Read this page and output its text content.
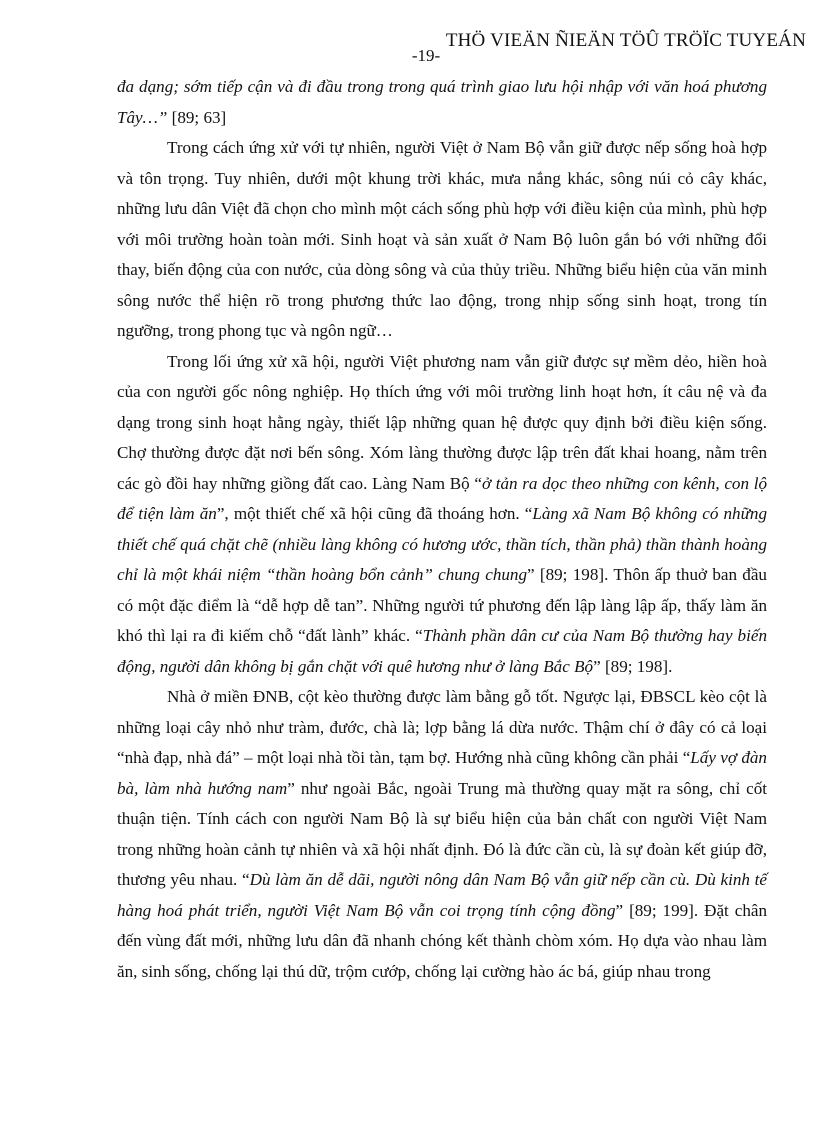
THÖ VIEÄN ÑIEÄN TÖÛ TRÖÏC TUYEÁN
-19-

đa dạng; sớm tiếp cận và đi đầu trong trong quá trình giao lưu hội nhập với văn hoá phương Tây…” [89; 63]

Trong cách ứng xử với tự nhiên, người Việt ở Nam Bộ vẫn giữ được nếp sống hoà hợp và tôn trọng. Tuy nhiên, dưới một khung trời khác, mưa nắng khác, sông núi cỏ cây khác, những lưu dân Việt đã chọn cho mình một cách sống phù hợp với điều kiện của mình, phù hợp với môi trường hoàn toàn mới. Sinh hoạt và sản xuất ở Nam Bộ luôn gắn bó với những đổi thay, biến động của con nước, của dòng sông và của thủy triều. Những biểu hiện của văn minh sông nước thể hiện rõ trong phương thức lao động, trong nhịp sống sinh hoạt, trong tín ngưỡng, trong phong tục và ngôn ngữ…

Trong lối ứng xử xã hội, người Việt phương nam vẫn giữ được sự mềm dẻo, hiền hoà của con người gốc nông nghiệp. Họ thích ứng với môi trường linh hoạt hơn, ít câu nệ và đa dạng trong sinh hoạt hằng ngày, thiết lập những quan hệ được quy định bởi điều kiện sống. Chợ thường được đặt nơi bến sông. Xóm làng thường được lập trên đất khai hoang, nằm trên các gò đồi hay những giồng đất cao. Làng Nam Bộ “ở tản ra dọc theo những con kênh, con lộ để tiện làm ăn”, một thiết chế xã hội cũng đã thoáng hơn. “Làng xã Nam Bộ không có những thiết chế quá chặt chẽ (nhiều làng không có hương ước, thần tích, thần phả) thần thành hoàng chỉ là một khái niệm “thần hoàng bổn cảnh” chung chung” [89; 198]. Thôn ấp thuở ban đầu có một đặc điểm là “dễ hợp dễ tan”. Những người tứ phương đến lập làng lập ấp, thấy làm ăn khó thì lại ra đi kiếm chỗ “đất lành” khác. “Thành phần dân cư của Nam Bộ thường hay biến động, người dân không bị gắn chặt với quê hương như ở làng Bắc Bộ” [89; 198].

Nhà ở miền ĐNB, cột kèo thường được làm bằng gỗ tốt. Ngược lại, ĐBSCL kèo cột là những loại cây nhỏ như tràm, đước, chà là; lợp bằng lá dừa nước. Thậm chí ở đây có cả loại “nhà đạp, nhà đá” – một loại nhà tồi tàn, tạm bợ. Hướng nhà cũng không cần phải “Lấy vợ đàn bà, làm nhà hướng nam” như ngoài Bắc, ngoài Trung mà thường quay mặt ra sông, chỉ cốt thuận tiện. Tính cách con người Nam Bộ là sự biểu hiện của bản chất con người Việt Nam trong những hoàn cảnh tự nhiên và xã hội nhất định. Đó là đức cần cù, là sự đoàn kết giúp đỡ, thương yêu nhau. “Dù làm ăn dễ dãi, người nông dân Nam Bộ vẫn giữ nếp cần cù. Dù kinh tế hàng hoá phát triển, người Việt Nam Bộ vẫn coi trọng tính cộng đồng” [89; 199]. Đặt chân đến vùng đất mới, những lưu dân đã nhanh chóng kết thành chòm xóm. Họ dựa vào nhau làm ăn, sinh sống, chống lại thú dữ, trộm cướp, chống lại cường hào ác bá, giúp nhau trong
